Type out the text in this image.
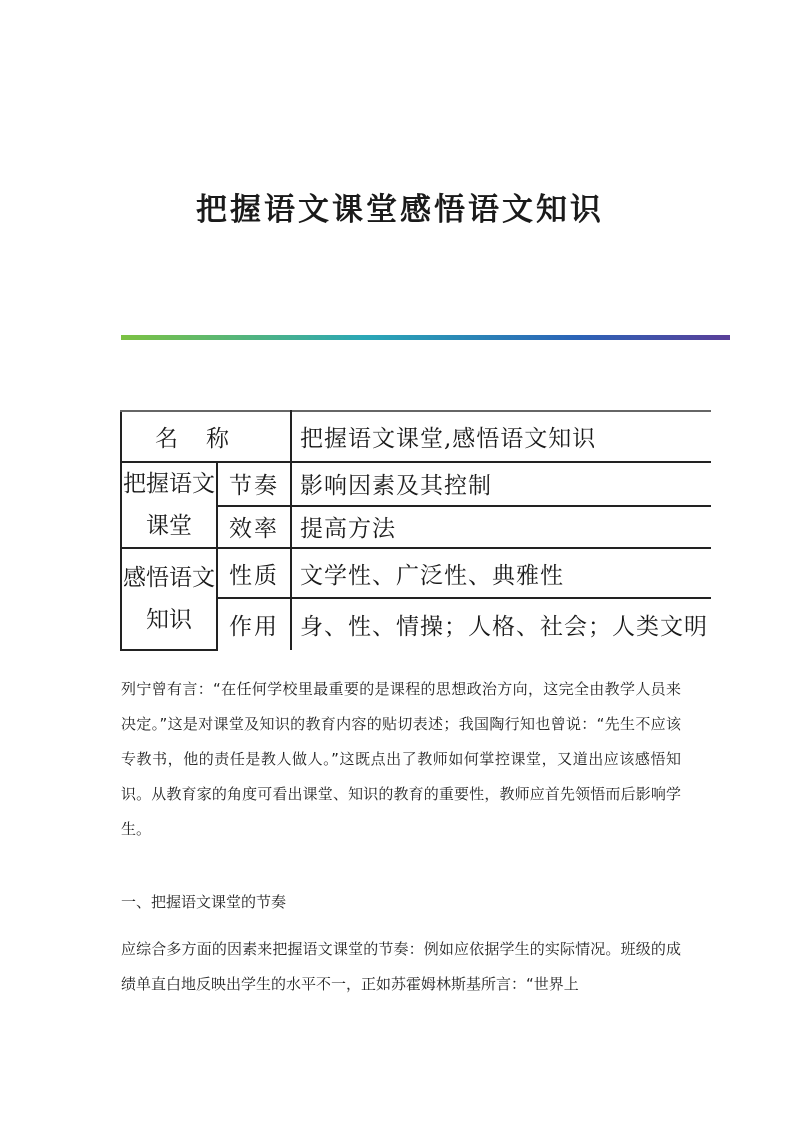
把握语文课堂感悟语文知识
名称		把握语文课堂,感悟语文知识
把握语文课堂	节奏	影响因素及其控制
	效率	提高方法
感悟语文知识	性质	文学性、广泛性、典雅性
	作用	身、性、情操；人格、社会；人类文明

列宁曾有言：“在任何学校里最重要的是课程的思想政治方向，这完全由教学人员来决定。”这是对课堂及知识的教育内容的贴切表述；我国陶行知也曾说：“先生不应该专教书，他的责任是教人做人。”这既点出了教师如何掌控课堂，又道出应该感悟知识。从教育家的角度可看出课堂、知识的教育的重要性，教师应首先领悟而后影响学生。

一、把握语文课堂的节奏

应综合多方面的因素来把握语文课堂的节奏：例如应依据学生的实际情况。班级的成绩单直白地反映出学生的水平不一，正如苏霍姆林斯基所言：“世界上
